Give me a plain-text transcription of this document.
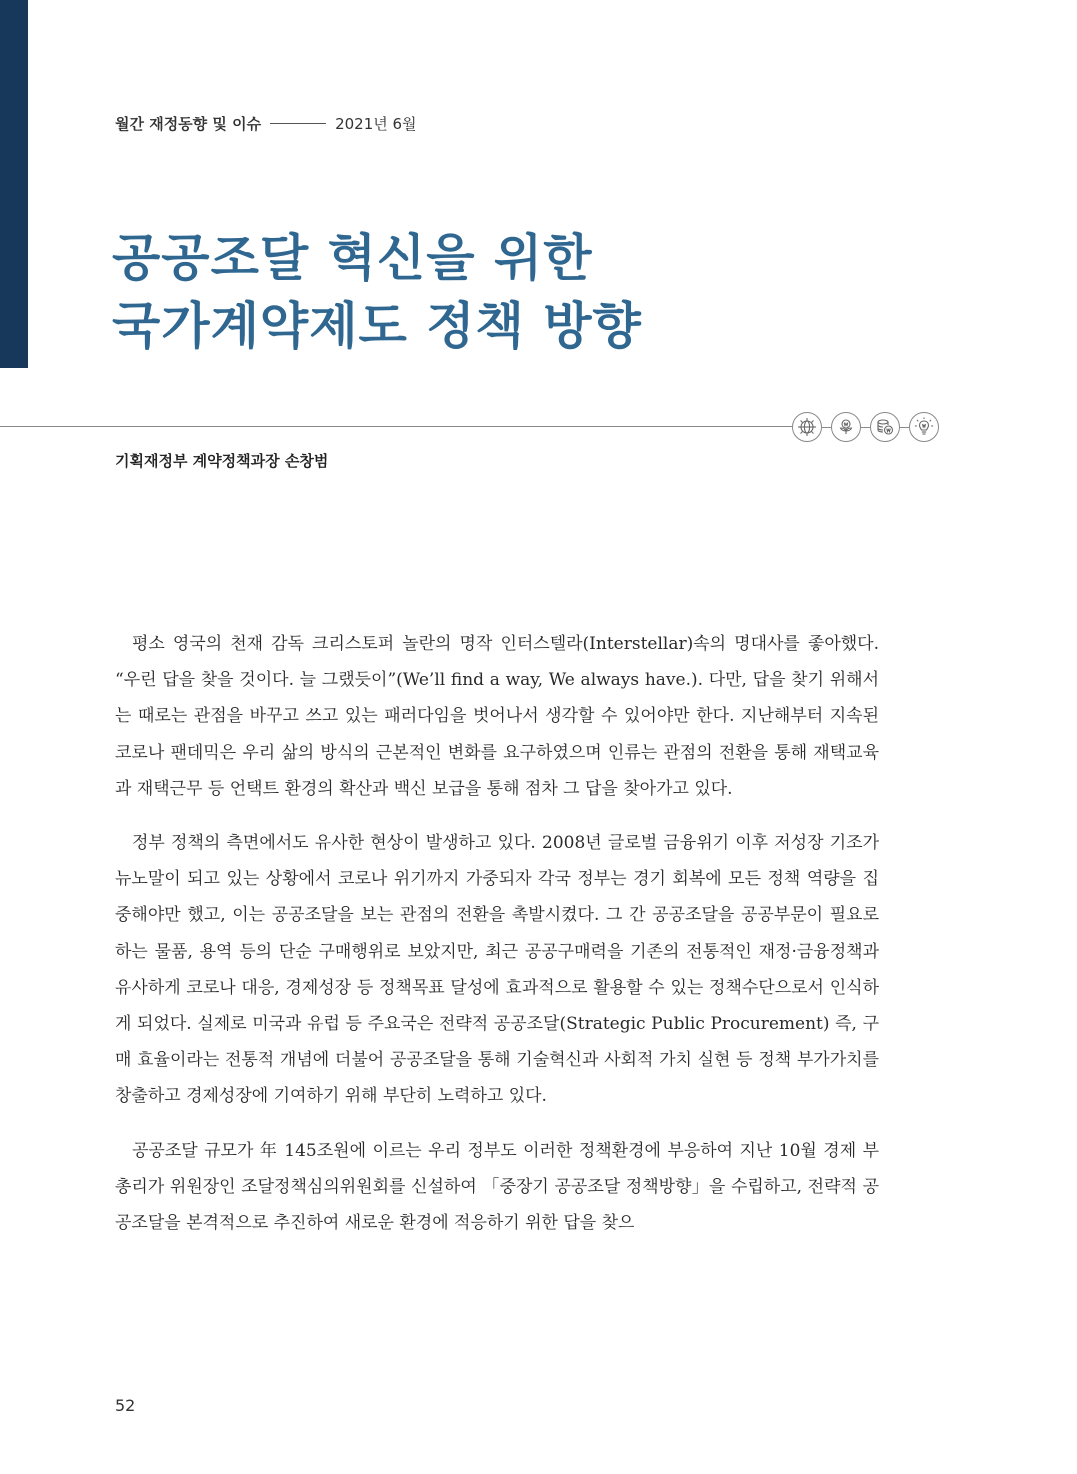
월간 재정동향 및 이슈	2021년 6월
공공조달 혁신을 위한
국가계약제도 정책 방향
기획재정부 계약정책과장 손창범

평소 영국의 천재 감독 크리스토퍼 놀란의 명작 인터스텔라(Interstellar)속의 명대사를 좋아했다. “우린 답을 찾을 것이다. 늘 그랬듯이”(We’ll find a way, We always have.). 다만, 답을 찾기 위해서는 때로는 관점을 바꾸고 쓰고 있는 패러다임을 벗어나서 생각할 수 있어야만 한다. 지난해부터 지속된 코로나 팬데믹은 우리 삶의 방식의 근본적인 변화를 요구하였으며 인류는 관점의 전환을 통해 재택교육과 재택근무 등 언택트 환경의 확산과 백신 보급을 통해 점차 그 답을 찾아가고 있다.

정부 정책의 측면에서도 유사한 현상이 발생하고 있다. 2008년 글로벌 금융위기 이후 저성장 기조가 뉴노말이 되고 있는 상황에서 코로나 위기까지 가중되자 각국 정부는 경기 회복에 모든 정책 역량을 집중해야만 했고, 이는 공공조달을 보는 관점의 전환을 촉발시켰다. 그 간 공공조달을 공공부문이 필요로 하는 물품, 용역 등의 단순 구매행위로 보았지만, 최근 공공구매력을 기존의 전통적인 재정·금융정책과 유사하게 코로나 대응, 경제성장 등 정책목표 달성에 효과적으로 활용할 수 있는 정책수단으로서 인식하게 되었다. 실제로 미국과 유럽 등 주요국은 전략적 공공조달(Strategic Public Procurement) 즉, 구매 효율이라는 전통적 개념에 더불어 공공조달을 통해 기술혁신과 사회적 가치 실현 등 정책 부가가치를 창출하고 경제성장에 기여하기 위해 부단히 노력하고 있다.

공공조달 규모가 年 145조원에 이르는 우리 정부도 이러한 정책환경에 부응하여 지난 10월 경제 부총리가 위원장인 조달정책심의위원회를 신설하여 「중장기 공공조달 정책방향」을 수립하고, 전략적 공공조달을 본격적으로 추진하여 새로운 환경에 적응하기 위한 답을 찾으

52
